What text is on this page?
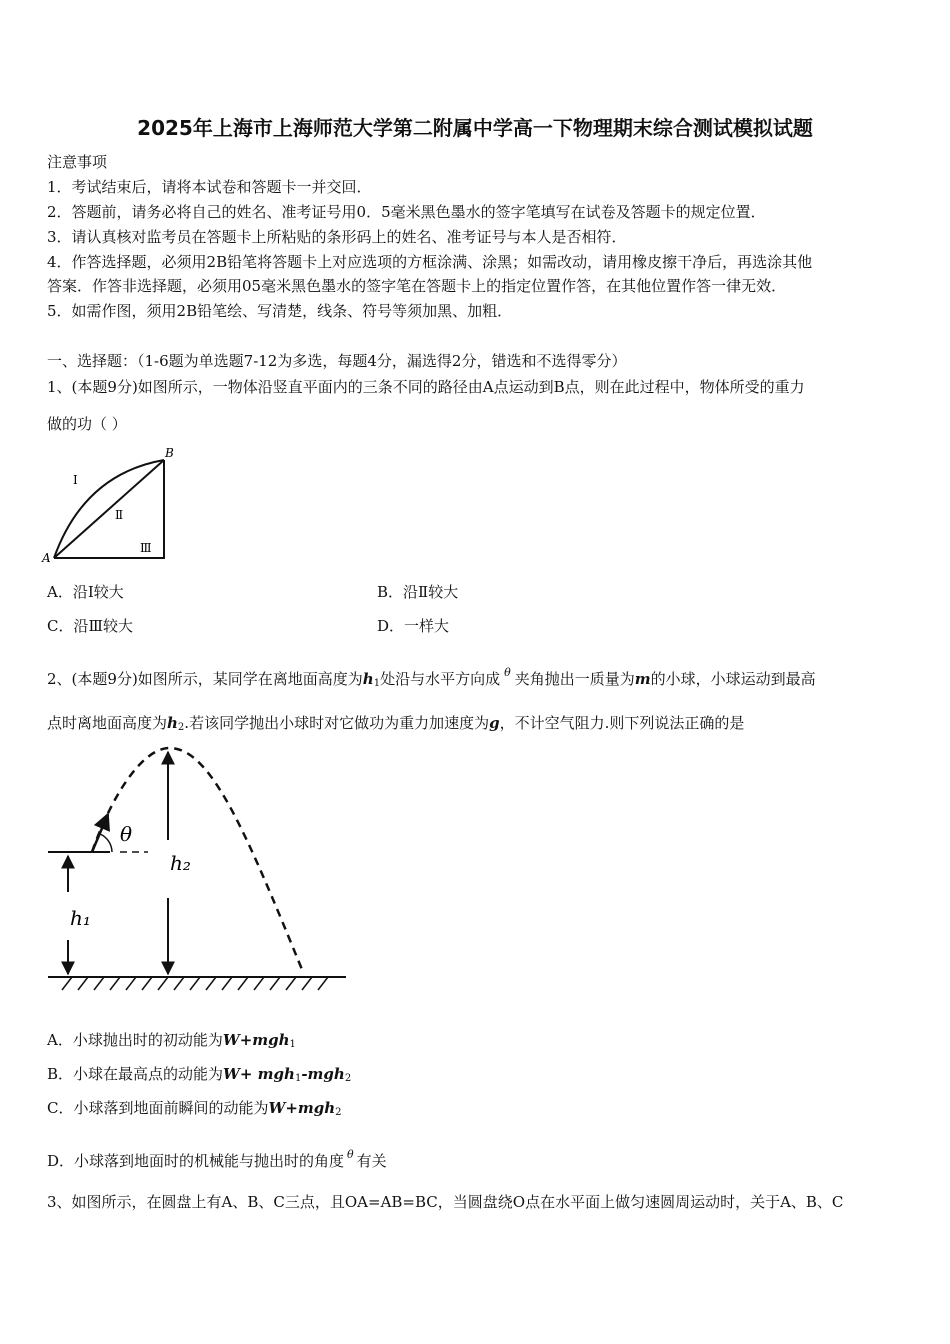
2025年上海市上海师范大学第二附属中学高一下物理期末综合测试模拟试题
注意事项
1．考试结束后，请将本试卷和答题卡一并交回．
2．答题前，请务必将自己的姓名、准考证号用0．5毫米黑色墨水的签字笔填写在试卷及答题卡的规定位置．
3．请认真核对监考员在答题卡上所粘贴的条形码上的姓名、准考证号与本人是否相符．
4．作答选择题，必须用2B铅笔将答题卡上对应选项的方框涂满、涂黑；如需改动，请用橡皮擦干净后，再选涂其他
答案．作答非选择题，必须用05毫米黑色墨水的签字笔在答题卡上的指定位置作答，在其他位置作答一律无效．
5．如需作图，须用2B铅笔绘、写清楚，线条、符号等须加黑、加粗．
一、选择题：（1-6题为单选题7-12为多选，每题4分，漏选得2分，错选和不选得零分）
1、(本题9分)如图所示，一物体沿竖直平面内的三条不同的路径由A点运动到B点，则在此过程中，物体所受的重力
做的功（ ）
A
B
Ⅰ
Ⅱ
Ⅲ
A．沿Ⅰ较大	B．沿Ⅱ较大
C．沿Ⅲ较大	D．一样大
2、(本题9分)如图所示，某同学在离地面高度为$h_1$处沿与水平方向成 $^\theta$ 夹角抛出一质量为m的小球，小球运动到最高
点时离地面高度为$h_2$.若该同学抛出小球时对它做功为重力加速度为g，不计空气阻力.则下列说法正确的是
θ
h₁
h₂
A．小球抛出时的初动能为W+mgh$_1$
B．小球在最高点的动能为W+ mgh$_1$-mgh$_2$
C．小球落到地面前瞬间的动能为W+mgh$_2$
D．小球落到地面时的机械能与抛出时的角度 $^\theta$ 有关
3、如图所示，在圆盘上有A、B、C三点，且OA=AB=BC，当圆盘绕O点在水平面上做匀速圆周运动时，关于A、B、C
